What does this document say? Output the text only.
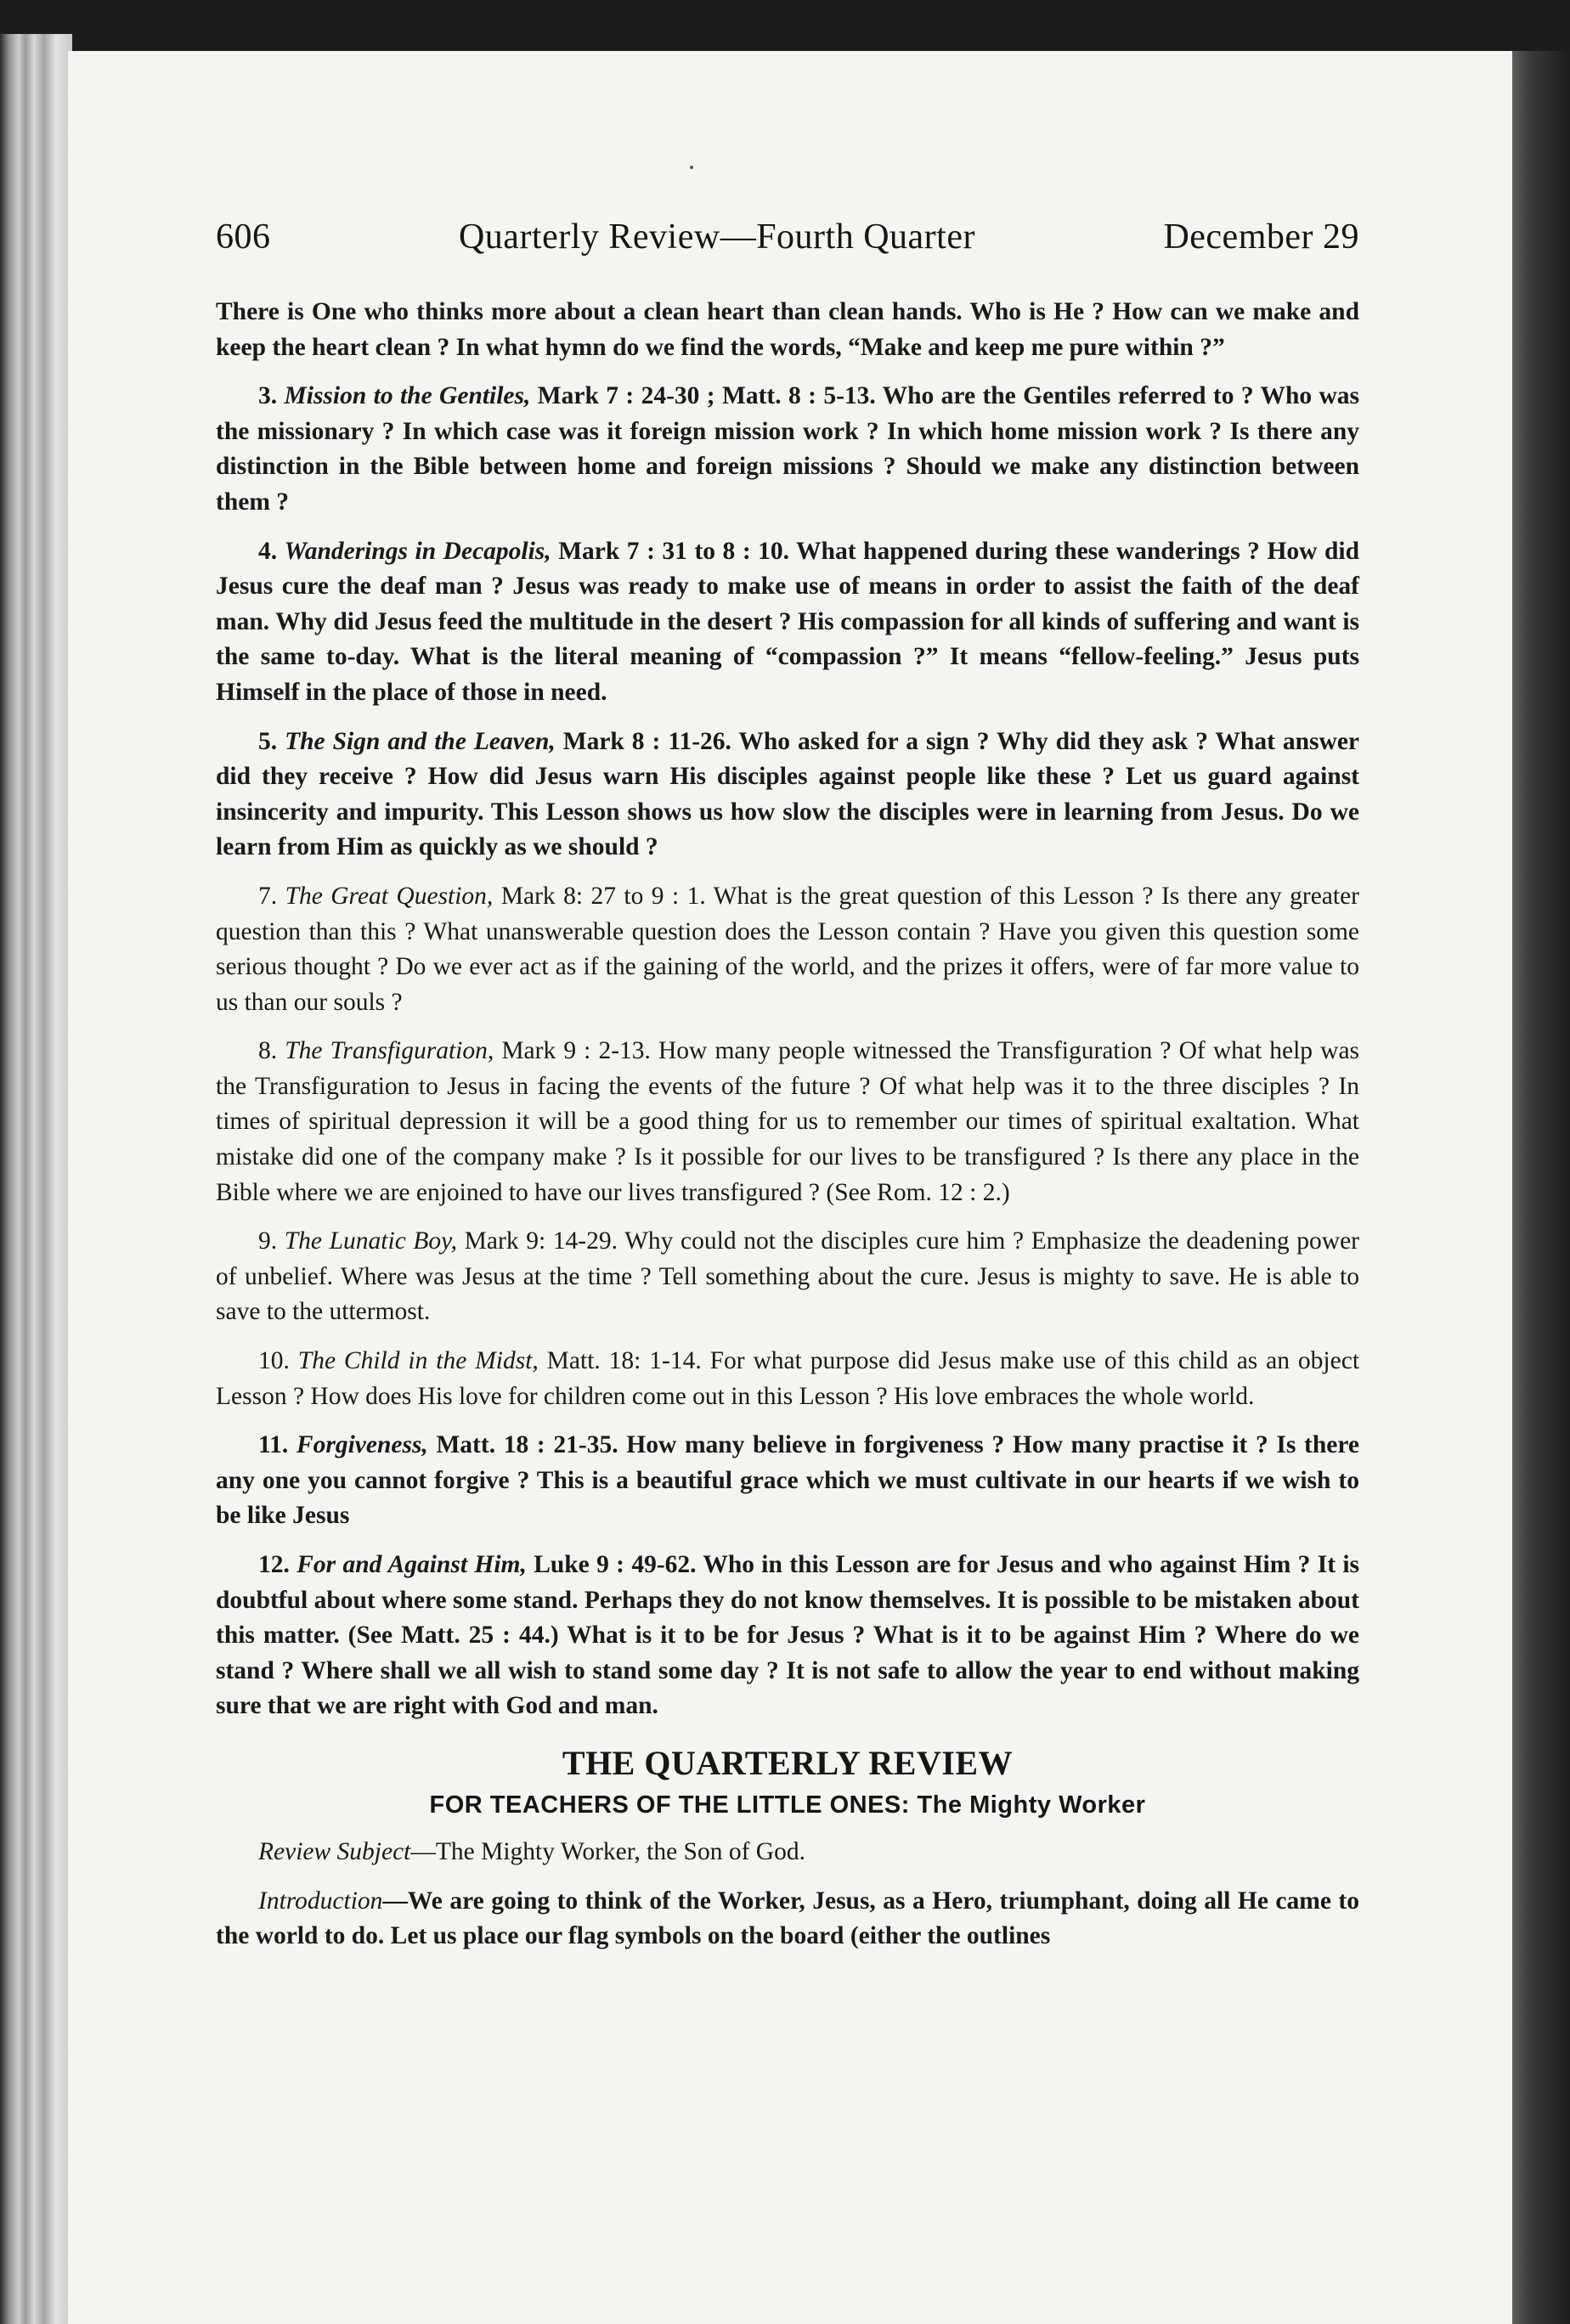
606	Quarterly Review—Fourth Quarter	December 29

There is One who thinks more about a clean heart than clean hands. Who is He ? How can we make and keep the heart clean ? In what hymn do we find the words, “Make and keep me pure within ?”

3. Mission to the Gentiles, Mark 7 : 24-30 ; Matt. 8 : 5-13. Who are the Gentiles referred to ? Who was the missionary ? In which case was it foreign mission work ? In which home mission work ? Is there any distinction in the Bible between home and foreign missions ? Should we make any distinction between them ?

4. Wanderings in Decapolis, Mark 7 : 31 to 8 : 10. What happened during these wanderings ? How did Jesus cure the deaf man ? Jesus was ready to make use of means in order to assist the faith of the deaf man. Why did Jesus feed the multitude in the desert ? His compassion for all kinds of suffering and want is the same to-day. What is the literal meaning of “compassion ?” It means “fellow-feeling.” Jesus puts Himself in the place of those in need.

5. The Sign and the Leaven, Mark 8 : 11-26. Who asked for a sign ? Why did they ask ? What answer did they receive ? How did Jesus warn His disciples against people like these ? Let us guard against insincerity and impurity. This Lesson shows us how slow the disciples were in learning from Jesus. Do we learn from Him as quickly as we should ?

7. The Great Question, Mark 8: 27 to 9 : 1. What is the great question of this Lesson ? Is there any greater question than this ? What unanswerable question does the Lesson contain ? Have you given this question some serious thought ? Do we ever act as if the gaining of the world, and the prizes it offers, were of far more value to us than our souls ?

8. The Transfiguration, Mark 9 : 2-13. How many people witnessed the Transfiguration ? Of what help was the Transfiguration to Jesus in facing the events of the future ? Of what help was it to the three disciples ? In times of spiritual depression it will be a good thing for us to remember our times of spiritual exaltation. What mistake did one of the company make ? Is it possible for our lives to be transfigured ? Is there any place in the Bible where we are enjoined to have our lives transfigured ? (See Rom. 12 : 2.)

9. The Lunatic Boy, Mark 9: 14-29. Why could not the disciples cure him ? Emphasize the deadening power of unbelief. Where was Jesus at the time ? Tell something about the cure. Jesus is mighty to save. He is able to save to the uttermost.

10. The Child in the Midst, Matt. 18: 1-14. For what purpose did Jesus make use of this child as an object Lesson ? How does His love for children come out in this Lesson ? His love embraces the whole world.

11. Forgiveness, Matt. 18 : 21-35. How many believe in forgiveness ? How many practise it ? Is there any one you cannot forgive ? This is a beautiful grace which we must cultivate in our hearts if we wish to be like Jesus

12. For and Against Him, Luke 9 : 49-62. Who in this Lesson are for Jesus and who against Him ? It is doubtful about where some stand. Perhaps they do not know themselves. It is possible to be mistaken about this matter. (See Matt. 25 : 44.) What is it to be for Jesus ? What is it to be against Him ? Where do we stand ? Where shall we all wish to stand some day ? It is not safe to allow the year to end without making sure that we are right with God and man.

THE QUARTERLY REVIEW
FOR TEACHERS OF THE LITTLE ONES: The Mighty Worker

Review Subject—The Mighty Worker, the Son of God.

Introduction—We are going to think of the Worker, Jesus, as a Hero, triumphant, doing all He came to the world to do. Let us place our flag symbols on the board (either the outlines
